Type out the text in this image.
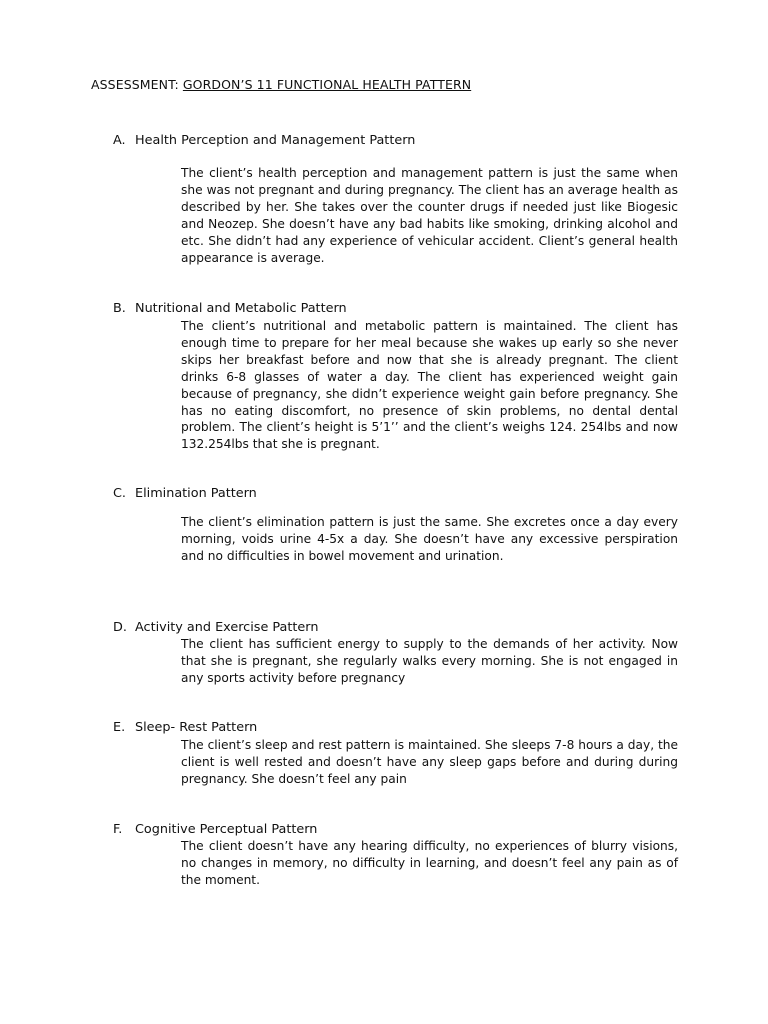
ASSESSMENT: GORDON’S 11 FUNCTIONAL HEALTH PATTERN
A. Health Perception and Management Pattern
The client’s health perception and management pattern is just the same when she was not pregnant and during pregnancy. The client has an average health as described by her. She takes over the counter drugs if needed just like Biogesic and Neozep. She doesn’t have any bad habits like smoking, drinking alcohol and etc. She didn’t had any experience of vehicular accident. Client’s general health appearance is average.
B. Nutritional and Metabolic Pattern
The client’s nutritional and metabolic pattern is maintained. The client has enough time to prepare for her meal because she wakes up early so she never skips her breakfast before and now that she is already pregnant. The client drinks 6-8 glasses of water a day. The client has experienced weight gain because of pregnancy, she didn’t experience weight gain before pregnancy. She has no eating discomfort, no presence of skin problems, no dental dental problem. The client’s height is 5’1’’ and the client’s weighs 124. 254lbs and now 132.254lbs that she is pregnant.
C. Elimination Pattern
The client’s elimination pattern is just the same. She excretes once a day every morning, voids urine 4-5x a day. She doesn’t have any excessive perspiration and no difficulties in bowel movement and urination.
D. Activity and Exercise Pattern
The client has sufficient energy to supply to the demands of her activity. Now that she is pregnant, she regularly walks every morning. She is not engaged in any sports activity before pregnancy
E. Sleep- Rest Pattern
The client’s sleep and rest pattern is maintained. She sleeps 7-8 hours a day, the client is well rested and doesn’t have any sleep gaps before and during during pregnancy. She doesn’t feel any pain
F. Cognitive Perceptual Pattern
The client doesn’t have any hearing difficulty, no experiences of blurry visions, no changes in memory, no difficulty in learning, and doesn’t feel any pain as of the moment.
